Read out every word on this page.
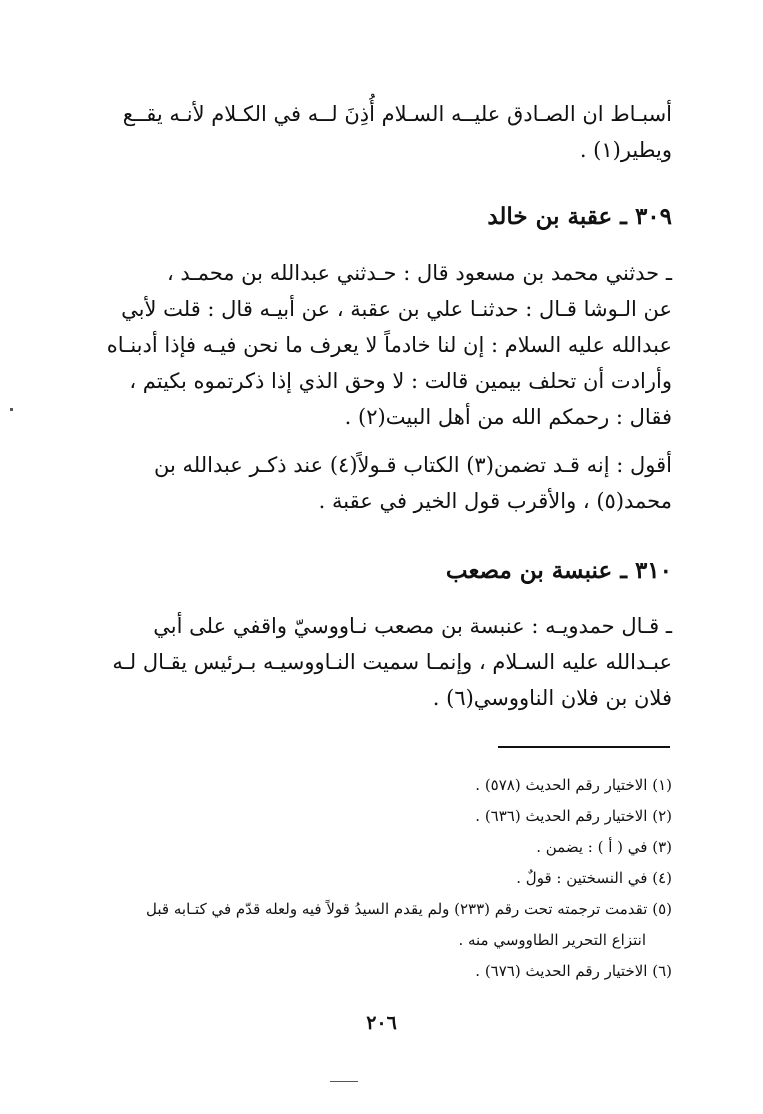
أسبـاط ان الصـادق عليــه السـلام أُذِنَ لــه في الكـلام لأنـه يقــع
ويطير(١) .
٣٠٩ ـ عقبة بن خالد
ـ حدثني محمد بن مسعود قال : حـدثني عبدالله بن محمـد ،
عن الـوشا قـال : حدثنـا علي بن عقبة ، عن أبيـه قال : قلت لأبي
عبدالله عليه السلام : إن لنا خادماً لا يعرف ما نحن فيـه فإذا أدبنـاه
وأرادت أن تحلف بيمين قالت : لا وحق الذي إذا ذكرتموه بكيتم ،
فقال : رحمكم الله من أهل البيت(٢) .
أقول : إنه قـد تضمن(٣) الكتاب قـولاً(٤) عند ذكـر عبدالله بن
محمد(٥) ، والأقرب قول الخير في عقبة .
٣١٠ ـ عنبسة بن مصعب
ـ قـال حمدويـه : عنبسة بن مصعب نـاووسيّ واقفي على أبي
عبـدالله عليه السـلام ، وإنمـا سميت النـاووسيـه بـرئيس يقـال لـه
فلان بن فلان الناووسي(٦) .
(١) الاختيار رقم الحديث (٥٧٨) .
(٢) الاختيار رقم الحديث (٦٣٦) .
(٣) في ( أ ) : يضمن .
(٤) في النسختين : قولٌ .
(٥) تقدمت ترجمته تحت رقم (٢٣٣) ولم يقدم السيدُ قولاً فيه ولعله قدّم في كتـابه قبل
انتزاع التحرير الطاووسي منه .
(٦) الاختيار رقم الحديث (٦٧٦) .
٢٠٦
